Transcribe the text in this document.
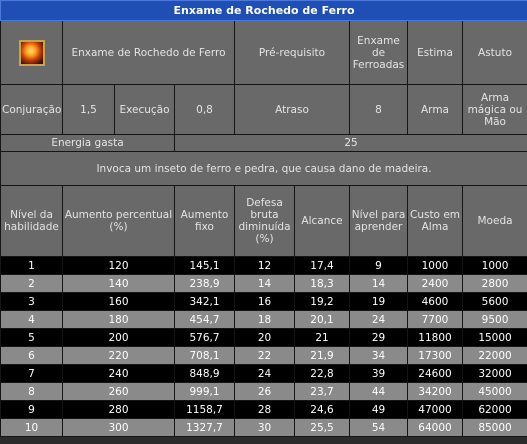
Enxame de Rochedo de Ferro								

	Enxame de Rochedo de Ferro			Pré-requisito		Enxame de Ferroadas	Estima	Astuto
Conjuração	1,5	Execução	0,8	Atraso		8	Arma	Arma mágica ou Mão
Energia gasta			25					
Invoca um inseto de ferro e pedra, que causa dano de madeira.								
Nível da habilidade	Aumento percentual (%)		Aumento fixo	Defesa bruta diminuída (%)	Alcance	Nível para aprender	Custo em Alma	Moeda
1	120		145,1	12	17,4	9	1000	1000
2	140		238,9	14	18,3	14	2400	2800
3	160		342,1	16	19,2	19	4600	5600
4	180		454,7	18	20,1	24	7700	9500
5	200		576,7	20	21	29	11800	15000
6	220		708,1	22	21,9	34	17300	22000
7	240		848,9	24	22,8	39	24600	32000
8	260		999,1	26	23,7	44	34200	45000
9	280		1158,7	28	24,6	49	47000	62000
10	300		1327,7	30	25,5	54	64000	85000
